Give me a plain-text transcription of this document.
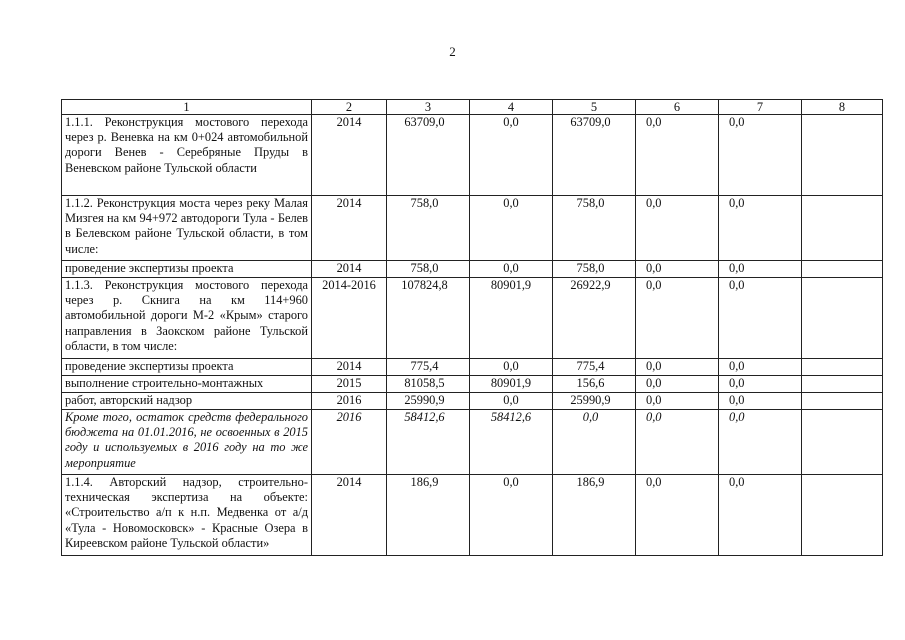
2
1	2	3	4	5	6	7	8
1.1.1. Реконструкция мостового перехода через р. Веневка на км 0+024 автомобильной дороги Венев - Серебряные Пруды в Веневском районе Тульской области	2014	63709,0	0,0	63709,0	0,0	0,0	
1.1.2. Реконструкция моста через реку Малая Мизгея на км 94+972 автодороги Тула - Белев в Белевском районе Тульской области, в том числе:	2014	758,0	0,0	758,0	0,0	0,0	
проведение экспертизы проекта	2014	758,0	0,0	758,0	0,0	0,0	
1.1.3. Реконструкция мостового перехода через р. Скнига на км 114+960 автомобильной дороги М-2 «Крым» старого направления в Заокском районе Тульской области, в том числе:	2014-2016	107824,8	80901,9	26922,9	0,0	0,0	
проведение экспертизы проекта	2014	775,4	0,0	775,4	0,0	0,0	
выполнение строительно-монтажных	2015	81058,5	80901,9	156,6	0,0	0,0	
работ, авторский надзор	2016	25990,9	0,0	25990,9	0,0	0,0	
Кроме того, остаток средств федерального бюджета на 01.01.2016, не освоенных в 2015 году и используемых в 2016 году на то же мероприятие	2016	58412,6	58412,6	0,0	0,0	0,0	
1.1.4. Авторский надзор, строительно-техническая экспертиза на объекте: «Строительство а/п к н.п. Медвенка от а/д «Тула - Новомосковск» - Красные Озера в Киреевском районе Тульской области»	2014	186,9	0,0	186,9	0,0	0,0	
